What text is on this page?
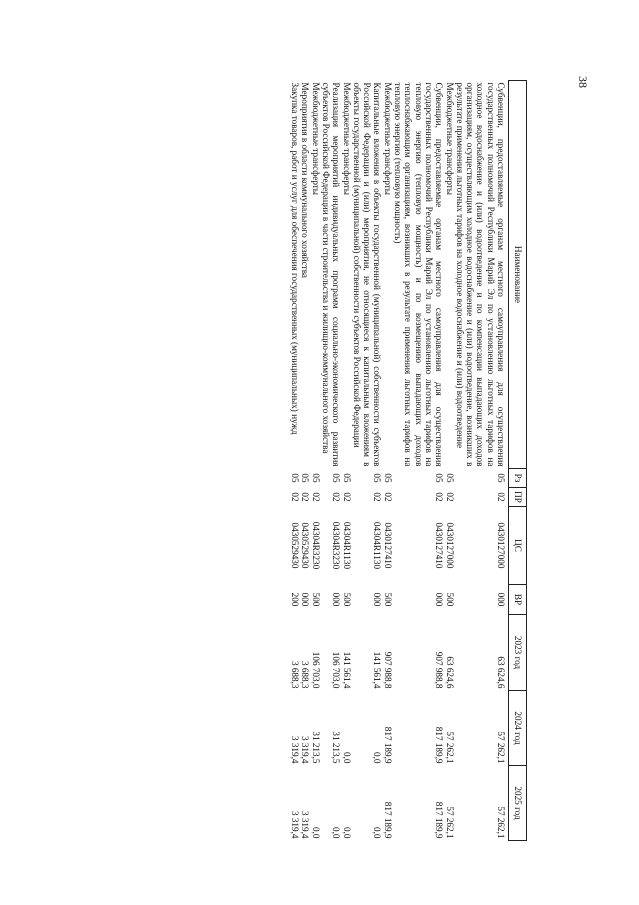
38
Наименование	Рз	ПР	ЦС	ВР	2023 год	2024 год	2025 год
Субвенции, предоставляемые органам местного самоуправления для осуществления государственных полномочий Республики Марий Эл по установлению льготных тарифов на холодное водоснабжение и (или) водоотведение и по компенсации выпадающих доходов организациям, осуществляющим холодное водоснабжение и (или) водоотведение, возникших в результате применения льготных тарифов на холодное водоснабжение и (или) водоотведение	05	02	0430127000	000	63 624,6	57 262,1	57 262,1
Межбюджетные трансферты	05	02	0430127000	500	63 624,6	57 262,1	57 262,1
Субвенции, предоставляемые органам местного самоуправления для осуществления государственных полномочий Республики Марий Эл по установлению льготных тарифов на тепловую энергию (тепловую мощность) и по возмещению выпадающих доходов теплоснабжающим организациям, возникших в результате применения льготных тарифов на тепловую энергию (тепловую мощность)	05	02	0430127410	000	907 988,8	817 189,9	817 189,9
Межбюджетные трансферты	05	02	0430127410	500	907 988,8	817 189,9	817 189,9
Капитальные вложения в объекты государственной (муниципальной) собственности субъектов Российской Федерации и (или) мероприятия, не относящиеся к капитальным вложениям в объекты государственной (муниципальной) собственности субъектов Российской Федерации	05	02	04304R1130	000	141 561,4	0,0	0,0
Межбюджетные трансферты	05	02	04304R1130	500	141 561,4	0,0	0,0
Реализация мероприятий индивидуальных программ социально-экономического развития субъектов Российской Федерации в части строительства и жилищно-коммунального хозяйства	05	02	04304R3230	000	106 703,0	31 213,5	0,0
Межбюджетные трансферты	05	02	04304R3230	500	106 703,0	31 213,5	0,0
Мероприятия в области коммунального хозяйства	05	02	0430529430	000	3 688,3	3 319,4	3 319,4
Закупка товаров, работ и услуг для обеспечения государственных (муниципальных) нужд	05	02	0430529430	200	3 688,3	3 319,4	3 319,4
